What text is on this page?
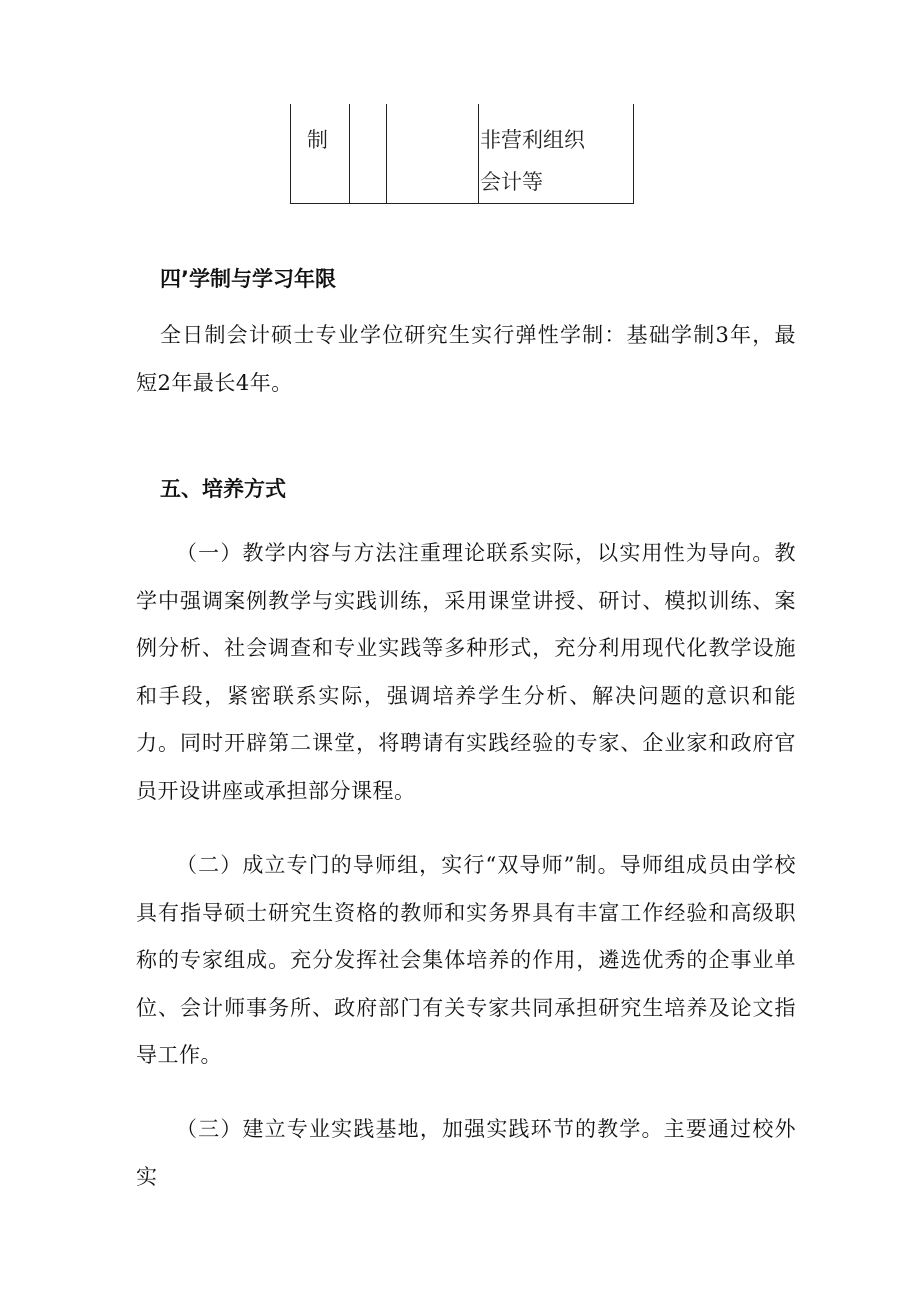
制	非营利组织
会计等
四’学制与学习年限
全日制会计硕士专业学位研究生实行弹性学制：基础学制3年，最短2年最长4年。
五、培养方式
（一）教学内容与方法注重理论联系实际，以实用性为导向。教学中强调案例教学与实践训练，采用课堂讲授、研讨、模拟训练、案例分析、社会调查和专业实践等多种形式，充分利用现代化教学设施和手段，紧密联系实际，强调培养学生分析、解决问题的意识和能力。同时开辟第二课堂，将聘请有实践经验的专家、企业家和政府官员开设讲座或承担部分课程。
（二）成立专门的导师组，实行“双导师”制。导师组成员由学校具有指导硕士研究生资格的教师和实务界具有丰富工作经验和高级职称的专家组成。充分发挥社会集体培养的作用，遴选优秀的企事业单位、会计师事务所、政府部门有关专家共同承担研究生培养及论文指导工作。
（三）建立专业实践基地，加强实践环节的教学。主要通过校外实
